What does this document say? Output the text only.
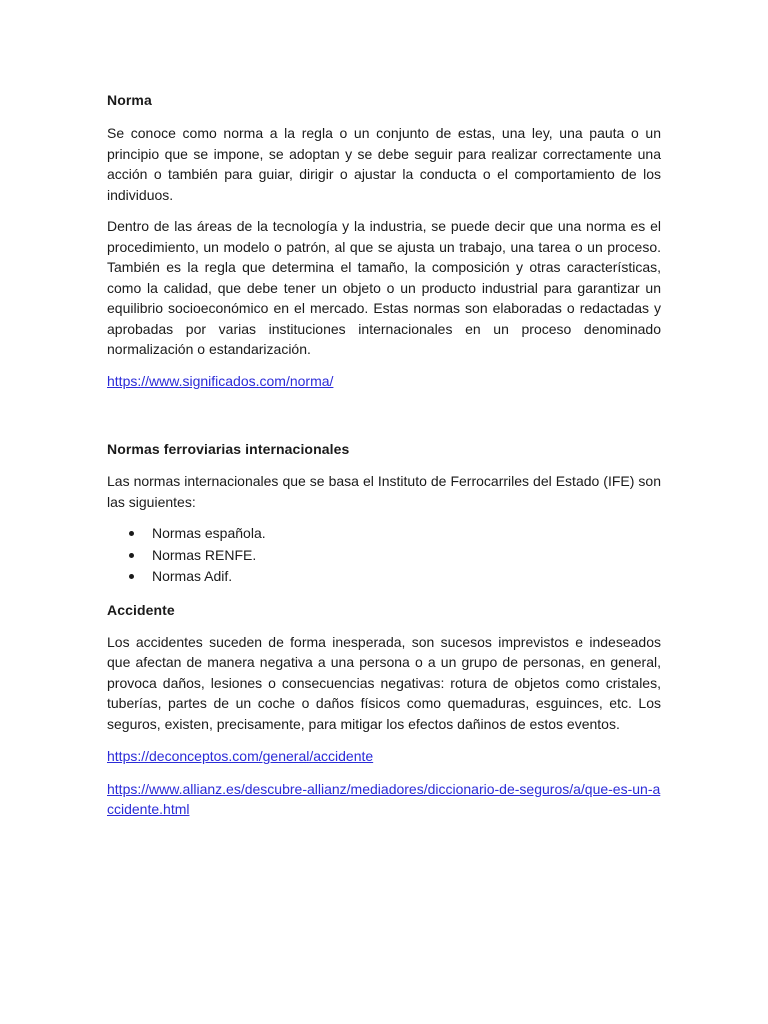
Norma

Se conoce como norma a la regla o un conjunto de estas, una ley, una pauta o un principio que se impone, se adoptan y se debe seguir para realizar correctamente una acción o también para guiar, dirigir o ajustar la conducta o el comportamiento de los individuos.

Dentro de las áreas de la tecnología y la industria, se puede decir que una norma es el procedimiento, un modelo o patrón, al que se ajusta un trabajo, una tarea o un proceso. También es la regla que determina el tamaño, la composición y otras características, como la calidad, que debe tener un objeto o un producto industrial para garantizar un equilibrio socioeconómico en el mercado. Estas normas son elaboradas o redactadas y aprobadas por varias instituciones internacionales en un proceso denominado normalización o estandarización.

https://www.significados.com/norma/

Normas ferroviarias internacionales

Las normas internacionales que se basa el Instituto de Ferrocarriles del Estado (IFE) son las siguientes:

Normas española.
Normas RENFE.
Normas Adif.

Accidente

Los accidentes suceden de forma inesperada, son sucesos imprevistos e indeseados que afectan de manera negativa a una persona o a un grupo de personas, en general, provoca daños, lesiones o consecuencias negativas: rotura de objetos como cristales, tuberías, partes de un coche o daños físicos como quemaduras, esguinces, etc. Los seguros, existen, precisamente, para mitigar los efectos dañinos de estos eventos.

https://deconceptos.com/general/accidente
https://www.allianz.es/descubre-allianz/mediadores/diccionario-de-seguros/a/que-es-un-accidente.html
